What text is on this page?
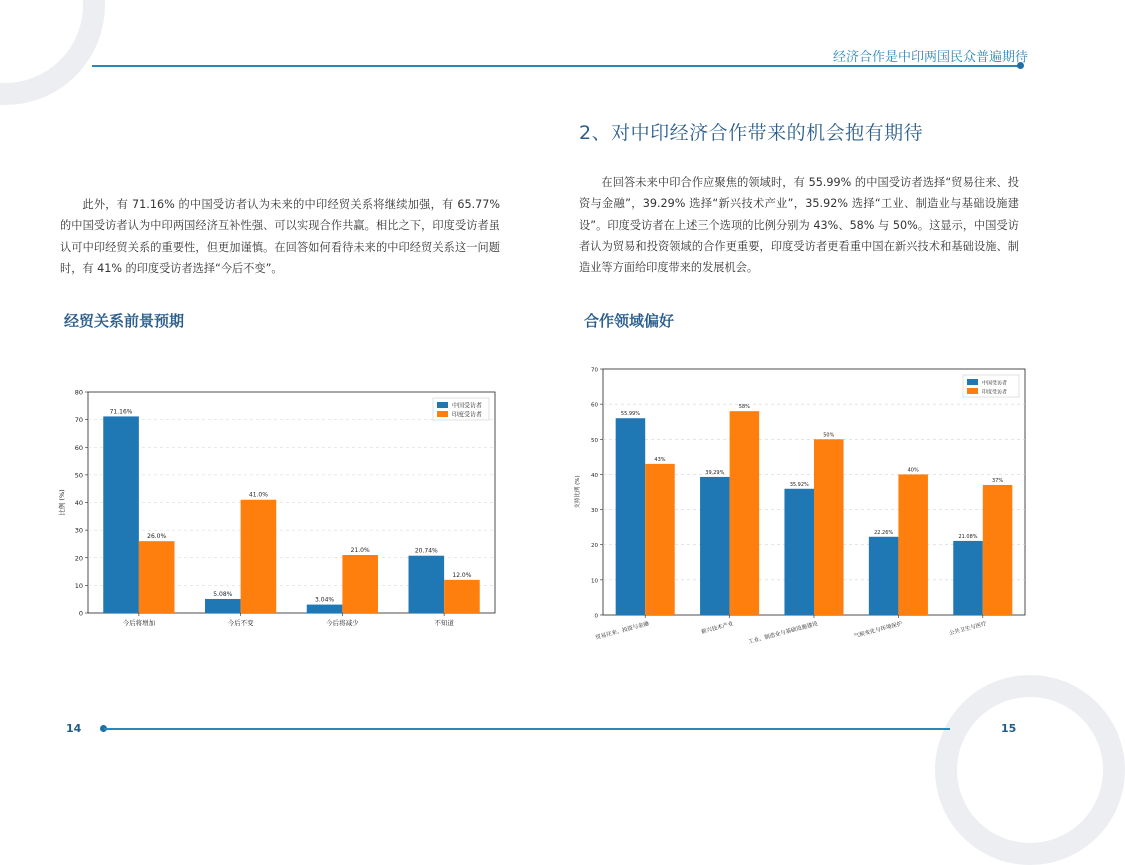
经济合作是中印两国民众普遍期待
2、对中印经济合作带来的机会抱有期待

此外，有 71.16% 的中国受访者认为未来的中印经贸关系将继续加强，有 65.77% 的中国受访者认为中印两国经济互补性强、可以实现合作共赢。相比之下，印度受访者虽认可中印经贸关系的重要性，但更加谨慎。在回答如何看待未来的中印经贸关系这一问题时，有 41% 的印度受访者选择“今后不变”。

在回答未来中印合作应聚焦的领域时，有 55.99% 的中国受访者选择“贸易往来、投资与金融”，39.29% 选择“新兴技术产业”，35.92% 选择“工业、制造业与基础设施建设”。印度受访者在上述三个选项的比例分别为 43%、58% 与 50%。这显示，中国受访者认为贸易和投资领域的合作更重要，印度受访者更看重中国在新兴技术和基础设施、制造业等方面给印度带来的发展机会。

经贸关系前景预期	合作领域偏好
0
10
20
30
40
50
60
70
80
比例 (%)
今后将增加
71.16%
26.0%
今后不变
5.08%
41.0%
今后将减少
3.04%
21.0%
不知道
20.74%
12.0%
中国受访者
印度受访者
0
10
20
30
40
50
60
70
支持比例 (%)
贸易往来、投资与金融
55.99%
43%
新兴技术产业
39.29%
58%
工业、制造业与基础设施建设
35.92%
50%
气候变化与环境保护
22.26%
40%
公共卫生与医疗
21.08%
37%
中国受访者
印度受访者
14	15
